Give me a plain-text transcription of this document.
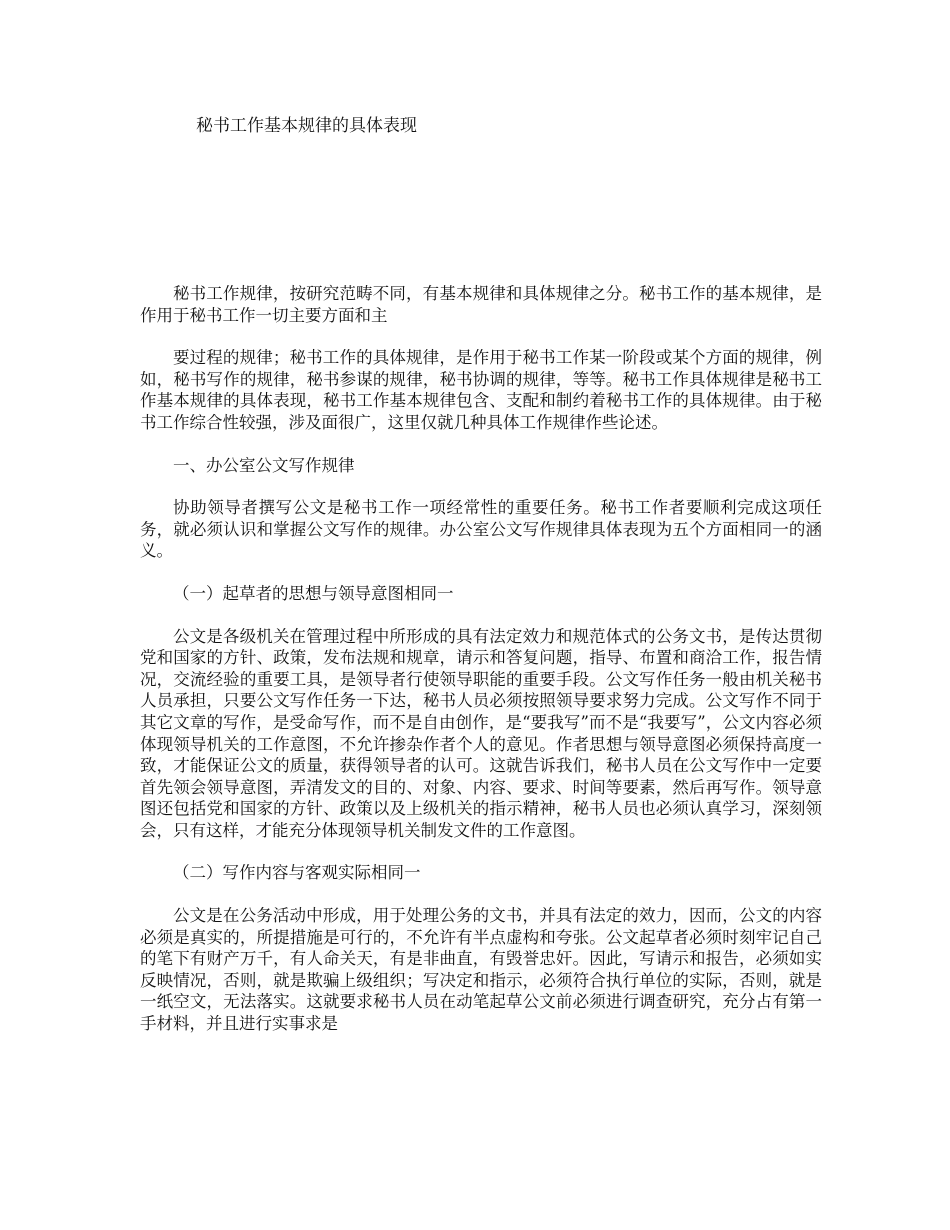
秘书工作基本规律的具体表现

秘书工作规律，按研究范畴不同，有基本规律和具体规律之分。秘书工作的基本规律，是作用于秘书工作一切主要方面和主

要过程的规律；秘书工作的具体规律，是作用于秘书工作某一阶段或某个方面的规律，例如，秘书写作的规律，秘书参谋的规律，秘书协调的规律，等等。秘书工作具体规律是秘书工作基本规律的具体表现，秘书工作基本规律包含、支配和制约着秘书工作的具体规律。由于秘书工作综合性较强，涉及面很广，这里仅就几种具体工作规律作些论述。

一、办公室公文写作规律

协助领导者撰写公文是秘书工作一项经常性的重要任务。秘书工作者要顺利完成这项任务，就必须认识和掌握公文写作的规律。办公室公文写作规律具体表现为五个方面相同一的涵义。

（一）起草者的思想与领导意图相同一

公文是各级机关在管理过程中所形成的具有法定效力和规范体式的公务文书，是传达贯彻党和国家的方针、政策，发布法规和规章，请示和答复问题，指导、布置和商洽工作，报告情况，交流经验的重要工具，是领导者行使领导职能的重要手段。公文写作任务一般由机关秘书人员承担，只要公文写作任务一下达，秘书人员必须按照领导要求努力完成。公文写作不同于其它文章的写作，是受命写作，而不是自由创作，是“要我写”而不是“我要写”，公文内容必须体现领导机关的工作意图，不允许掺杂作者个人的意见。作者思想与领导意图必须保持高度一致，才能保证公文的质量，获得领导者的认可。这就告诉我们，秘书人员在公文写作中一定要首先领会领导意图，弄清发文的目的、对象、内容、要求、时间等要素，然后再写作。领导意图还包括党和国家的方针、政策以及上级机关的指示精神，秘书人员也必须认真学习，深刻领会，只有这样，才能充分体现领导机关制发文件的工作意图。

（二）写作内容与客观实际相同一

公文是在公务活动中形成，用于处理公务的文书，并具有法定的效力，因而，公文的内容必须是真实的，所提措施是可行的，不允许有半点虚构和夸张。公文起草者必须时刻牢记自己的笔下有财产万千，有人命关天，有是非曲直，有毁誉忠奸。因此，写请示和报告，必须如实反映情况，否则，就是欺骗上级组织；写决定和指示，必须符合执行单位的实际，否则，就是一纸空文，无法落实。这就要求秘书人员在动笔起草公文前必须进行调查研究，充分占有第一手材料，并且进行实事求是
